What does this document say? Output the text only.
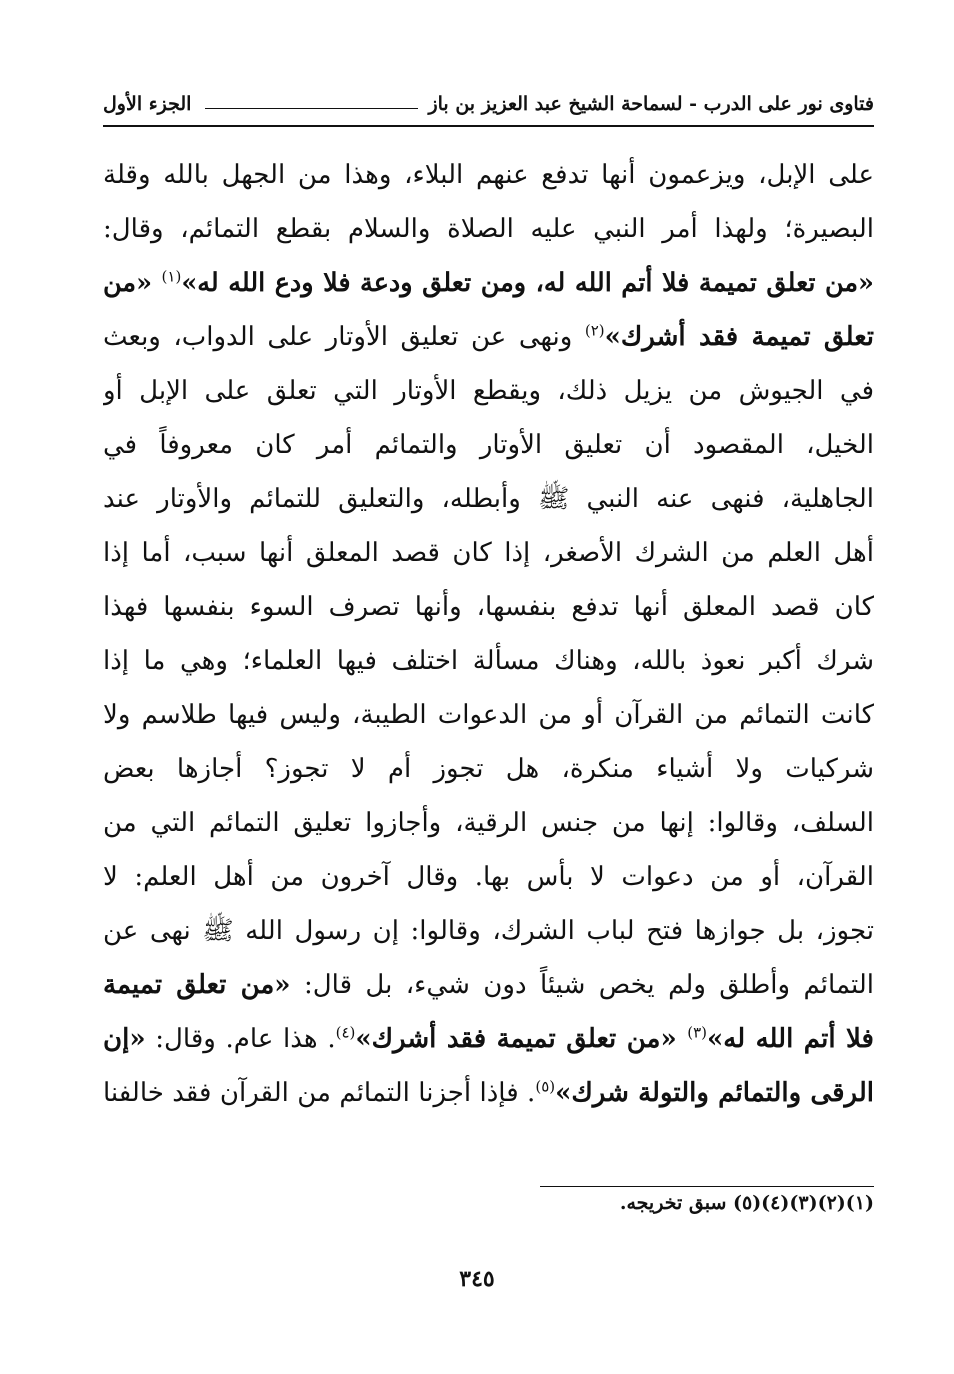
فتاوى نور على الدرب - لسماحة الشيخ عبد العزيز بن باز
الجزء الأول
على الإبل، ويزعمون أنها تدفع عنهم البلاء، وهذا من الجهل بالله وقلة
البصيرة؛ ولهذا أمر النبي عليه الصلاة والسلام بقطع التمائم، وقال:
«من تعلق تميمة فلا أتم الله له، ومن تعلق ودعة فلا ودع الله له»$^{(١)}$ «من
تعلق تميمة فقد أشرك»$^{(٢)}$ ونهى عن تعليق الأوتار على الدواب، وبعث
في الجيوش من يزيل ذلك، ويقطع الأوتار التي تعلق على الإبل أو
الخيل، المقصود أن تعليق الأوتار والتمائم أمر كان معروفاً في
الجاهلية، فنهى عنه النبي ﷺ وأبطله، والتعليق للتمائم والأوتار عند
أهل العلم من الشرك الأصغر، إذا كان قصد المعلق أنها سبب، أما إذا
كان قصد المعلق أنها تدفع بنفسها، وأنها تصرف السوء بنفسها فهذا
شرك أكبر نعوذ بالله، وهناك مسألة اختلف فيها العلماء؛ وهي ما إذا
كانت التمائم من القرآن أو من الدعوات الطيبة، وليس فيها طلاسم ولا
شركيات ولا أشياء منكرة، هل تجوز أم لا تجوز؟ أجازها بعض
السلف، وقالوا: إنها من جنس الرقية، وأجازوا تعليق التمائم التي من
القرآن، أو من دعوات لا بأس بها. وقال آخرون من أهل العلم: لا
تجوز، بل جوازها فتح لباب الشرك، وقالوا: إن رسول الله ﷺ نهى عن
التمائم وأطلق ولم يخص شيئاً دون شيء، بل قال: «من تعلق تميمة
فلا أتم الله له»$^{(٣)}$ «من تعلق تميمة فقد أشرك»$^{(٤)}$. هذا عام. وقال: «إن
الرقى والتمائم والتولة شرك»$^{(٥)}$. فإذا أجزنا التمائم من القرآن فقد خالفنا
(١)(٢)(٣)(٤)(٥) سبق تخريجه.
٣٤٥
